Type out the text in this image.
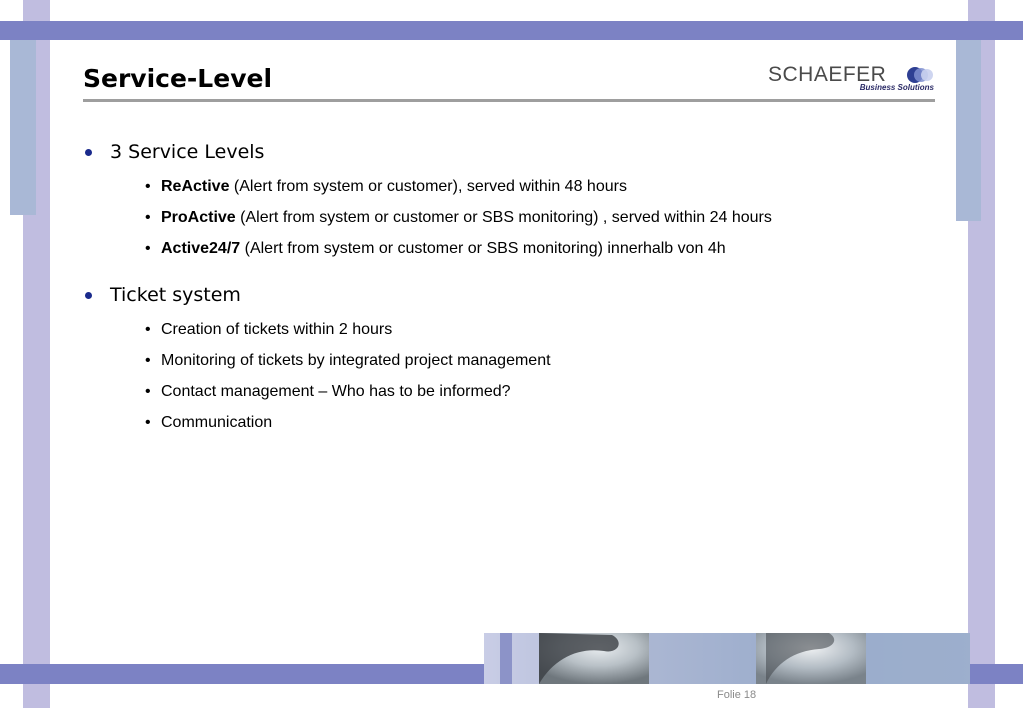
Service-Level	SCHAEFER
Business Solutions
3 Service Levels
• ReActive (Alert from system or customer), served within 48 hours
• ProActive (Alert from system or customer or SBS monitoring) , served within 24 hours
• Active24/7 (Alert from system or customer or SBS monitoring) innerhalb von 4h
Ticket system
• Creation of tickets within 2 hours
• Monitoring of tickets by integrated project management
• Contact management – Who has to be informed?
• Communication
Folie 18
